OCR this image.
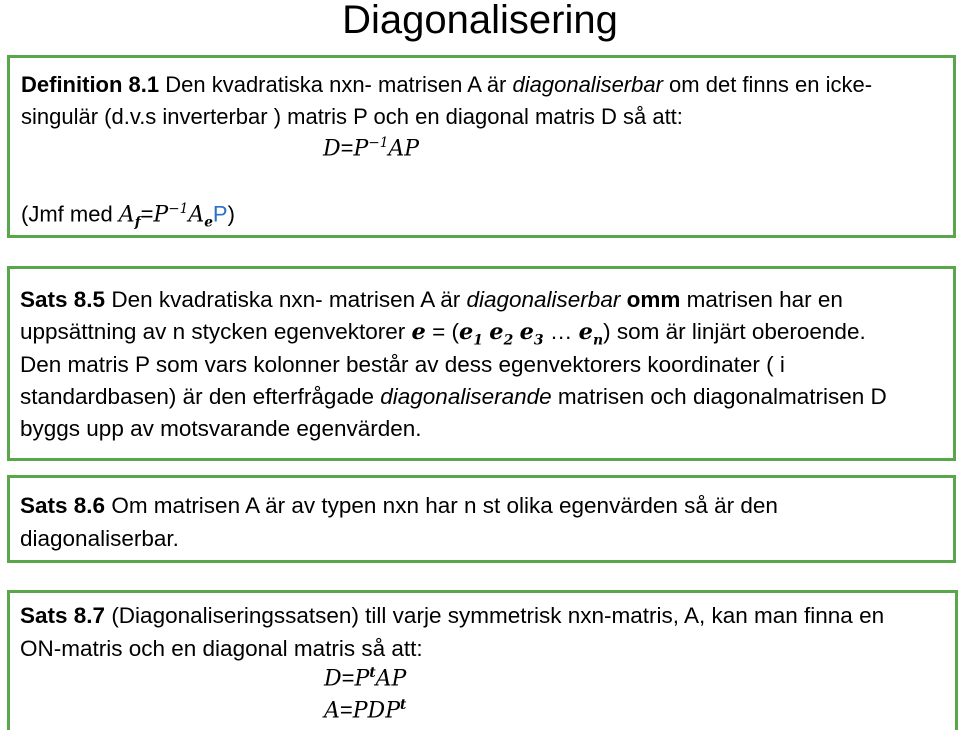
Diagonalisering
Definition 8.1 Den kvadratiska nxn- matrisen A är diagonaliserbar om det finns en icke-
singulär (d.v.s inverterbar ) matris P och en diagonal matris D så att:
$D=P^{-1}AP$
(Jmf med $A_f=P^{-1}A_eP$)
Sats 8.5 Den kvadratiska nxn- matrisen A är diagonaliserbar omm matrisen har en
uppsättning av n stycken egenvektorer $e = (e_1$ $e_2$ $e_3$ … $e_n$) som är linjärt oberoende.
Den matris P som vars kolonner består av dess egenvektorers koordinater ( i
standardbasen) är den efterfrågade diagonaliserande matrisen och diagonalmatrisen D
byggs upp av motsvarande egenvärden.
Sats 8.6 Om matrisen A är av typen nxn har n st olika egenvärden så är den
diagonaliserbar.
Sats 8.7 (Diagonaliseringssatsen) till varje symmetrisk nxn-matris, A, kan man finna en
ON-matris och en diagonal matris så att:
$D=P^tAP$
$A=PDP^t$
